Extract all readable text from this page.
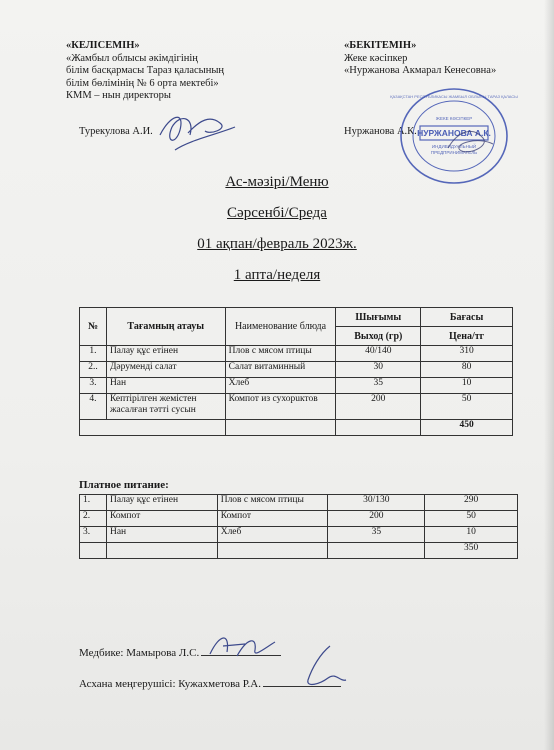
«КЕЛІСЕМІН»
«Жамбыл облысы әкімдігінің
білім басқармасы Тараз қаласының
білім бөлімінің № 6 орта мектебі»
КММ – нын директоры
Турекулова А.И.
«БЕКІТЕМІН»
Жеке кәсіпкер
«Нуржанова Акмарал Кенесовна»
Нуржанова А.К. НУРЖАНОВА А.К.
ЖЕКЕ КӘСІПКЕР
ИНДИВИДУАЛЬНЫЙ
ПРЕДПРИНИМАТЕЛЬ
ҚАЗАҚСТАН РЕСПУБЛИКАСЫ ЖАМБЫЛ ОБЛЫСЫ ТАРАЗ ҚАЛАСЫ
Ас-мәзірі/Меню
Сәрсенбі/Среда
01 ақпан/февраль 2023ж.
1 апта/неделя
№	Тағамның атауы	Наименование блюда	Шығымы	Бағасы
			Выход (гр)	Цена/тг
1.	Палау құс етінен	Плов с мясом птицы	40/140	310
2..	Дәрумендi салат	Салат витаминный	30	80
3.	Нан	Хлеб	35	10
4.	Кептірілген жемістен жасалған тәтті сусын	Компот из сухорuктов	200	50
				450
Платное питание:
1.	Палау құс етінен	Плов с мясом птицы	30/130	290
2.	Компот	Компот	200	50
3.	Нан	Хлеб	35	10
				350
Медбике: Мамырова Л.С.
Асхана меңгерушісі: Кужахметова Р.А.
